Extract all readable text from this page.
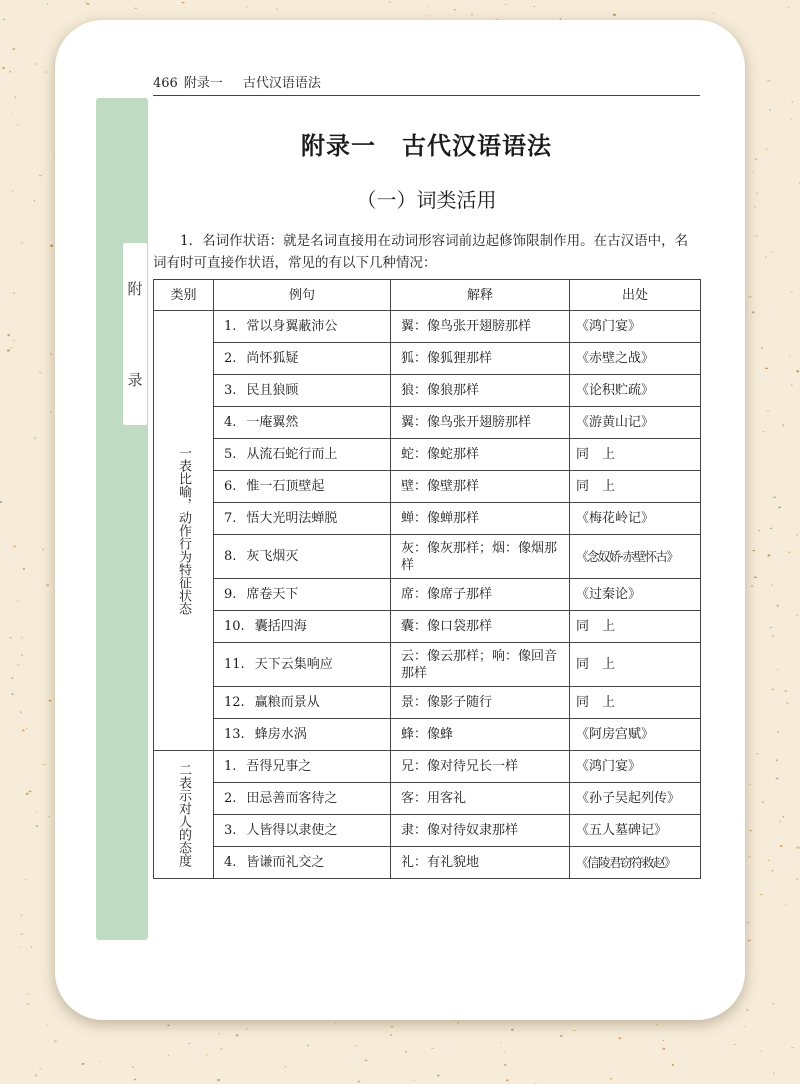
附
录
466 附录一 古代汉语语法
附录一 古代汉语语法
（一）词类活用
1．名词作状语：就是名词直接用在动词形容词前边起修饰限制作用。在古汉语中，名词有时可直接作状语，常见的有以下几种情况：
类别	例句	解释	出处
一表比喻，动作行为特征状态	1. 常以身翼蔽沛公	翼：像鸟张开翅膀那样	《鸿门宴》
	2. 尚怀狐疑	狐：像狐狸那样	《赤壁之战》
	3. 民且狼顾	狼：像狼那样	《论积贮疏》
	4. 一庵翼然	翼：像鸟张开翅膀那样	《游黄山记》
	5. 从流石蛇行而上	蛇：像蛇那样	同　上
	6. 惟一石顶壁起	壁：像壁那样	同　上
	7. 悟大光明法蝉脱	蝉：像蝉那样	《梅花岭记》
	8. 灰飞烟灭	灰：像灰那样；烟：像烟那样	《念奴娇·赤壁怀古》
	9. 席卷天下	席：像席子那样	《过秦论》
	10. 囊括四海	囊：像口袋那样	同　上
	11. 天下云集响应	云：像云那样；响：像回音那样	同　上
	12. 赢粮而景从	景：像影子随行	同　上
	13. 蜂房水涡	蜂：像蜂	《阿房宫赋》
二表示对人的态度	1. 吾得兄事之	兄：像对待兄长一样	《鸿门宴》
	2. 田忌善而客待之	客：用客礼	《孙子吴起列传》
	3. 人皆得以隶使之	隶：像对待奴隶那样	《五人墓碑记》
	4. 皆谦而礼交之	礼：有礼貌地	《信陵君窃符救赵》
